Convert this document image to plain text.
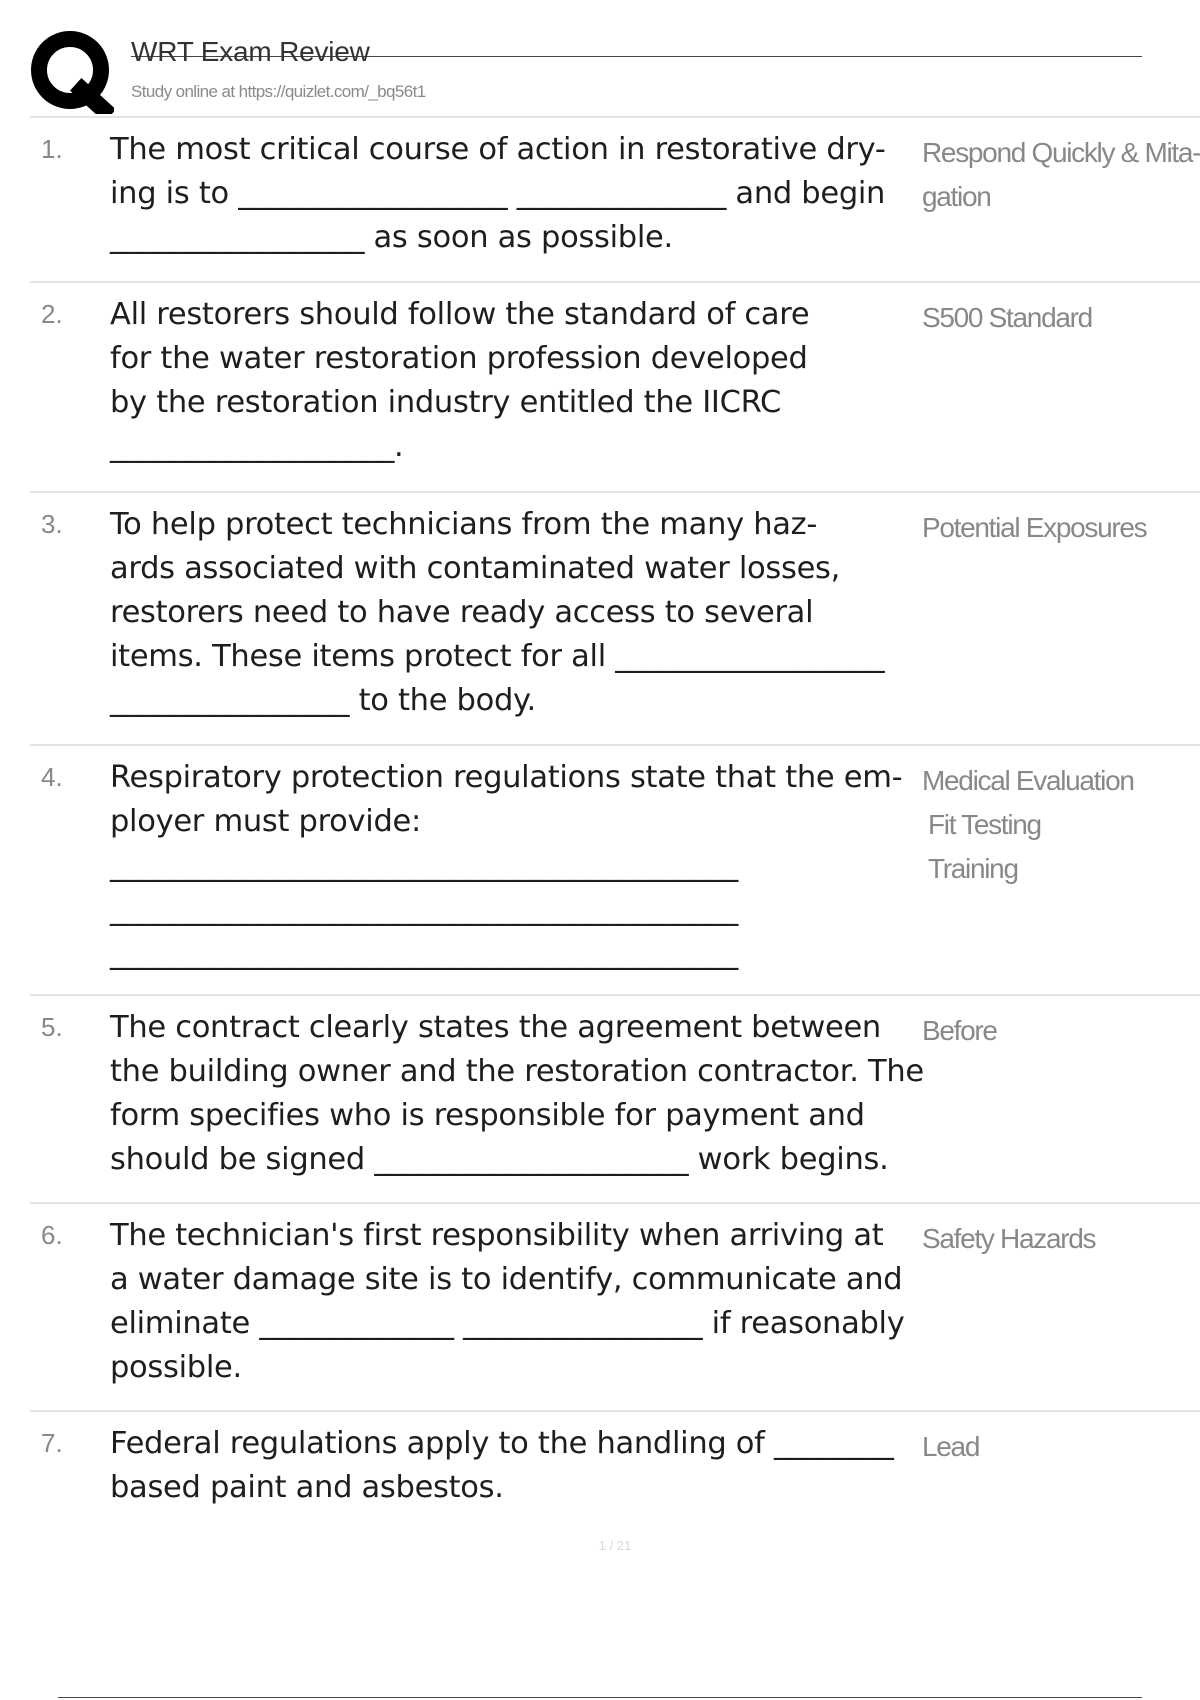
WRT Exam Review
Study online at https://quizlet.com/_bq56t1
1. The most critical course of action in restorative dry-
ing is to __________________ ______________ and begin
_________________ as soon as possible.

Respond Quickly & Mita-
gation
2. All restorers should follow the standard of care
for the water restoration profession developed
by the restoration industry entitled the IICRC
___________________.

S500 Standard
3. To help protect technicians from the many haz-
ards associated with contaminated water losses,
restorers need to have ready access to several
items. These items protect for all __________________
________________ to the body.

Potential Exposures
4. Respiratory protection regulations state that the em-
ployer must provide:
__________________________________________
__________________________________________
__________________________________________

Medical Evaluation
Fit Testing
Training
5. The contract clearly states the agreement between
the building owner and the restoration contractor. The
form specifies who is responsible for payment and
should be signed _____________________ work begins.

Before
6. The technician's first responsibility when arriving at
a water damage site is to identify, communicate and
eliminate _____________ ________________ if reasonably
possible.

Safety Hazards
7. Federal regulations apply to the handling of ________
based paint and asbestos.

Lead
1 / 21
